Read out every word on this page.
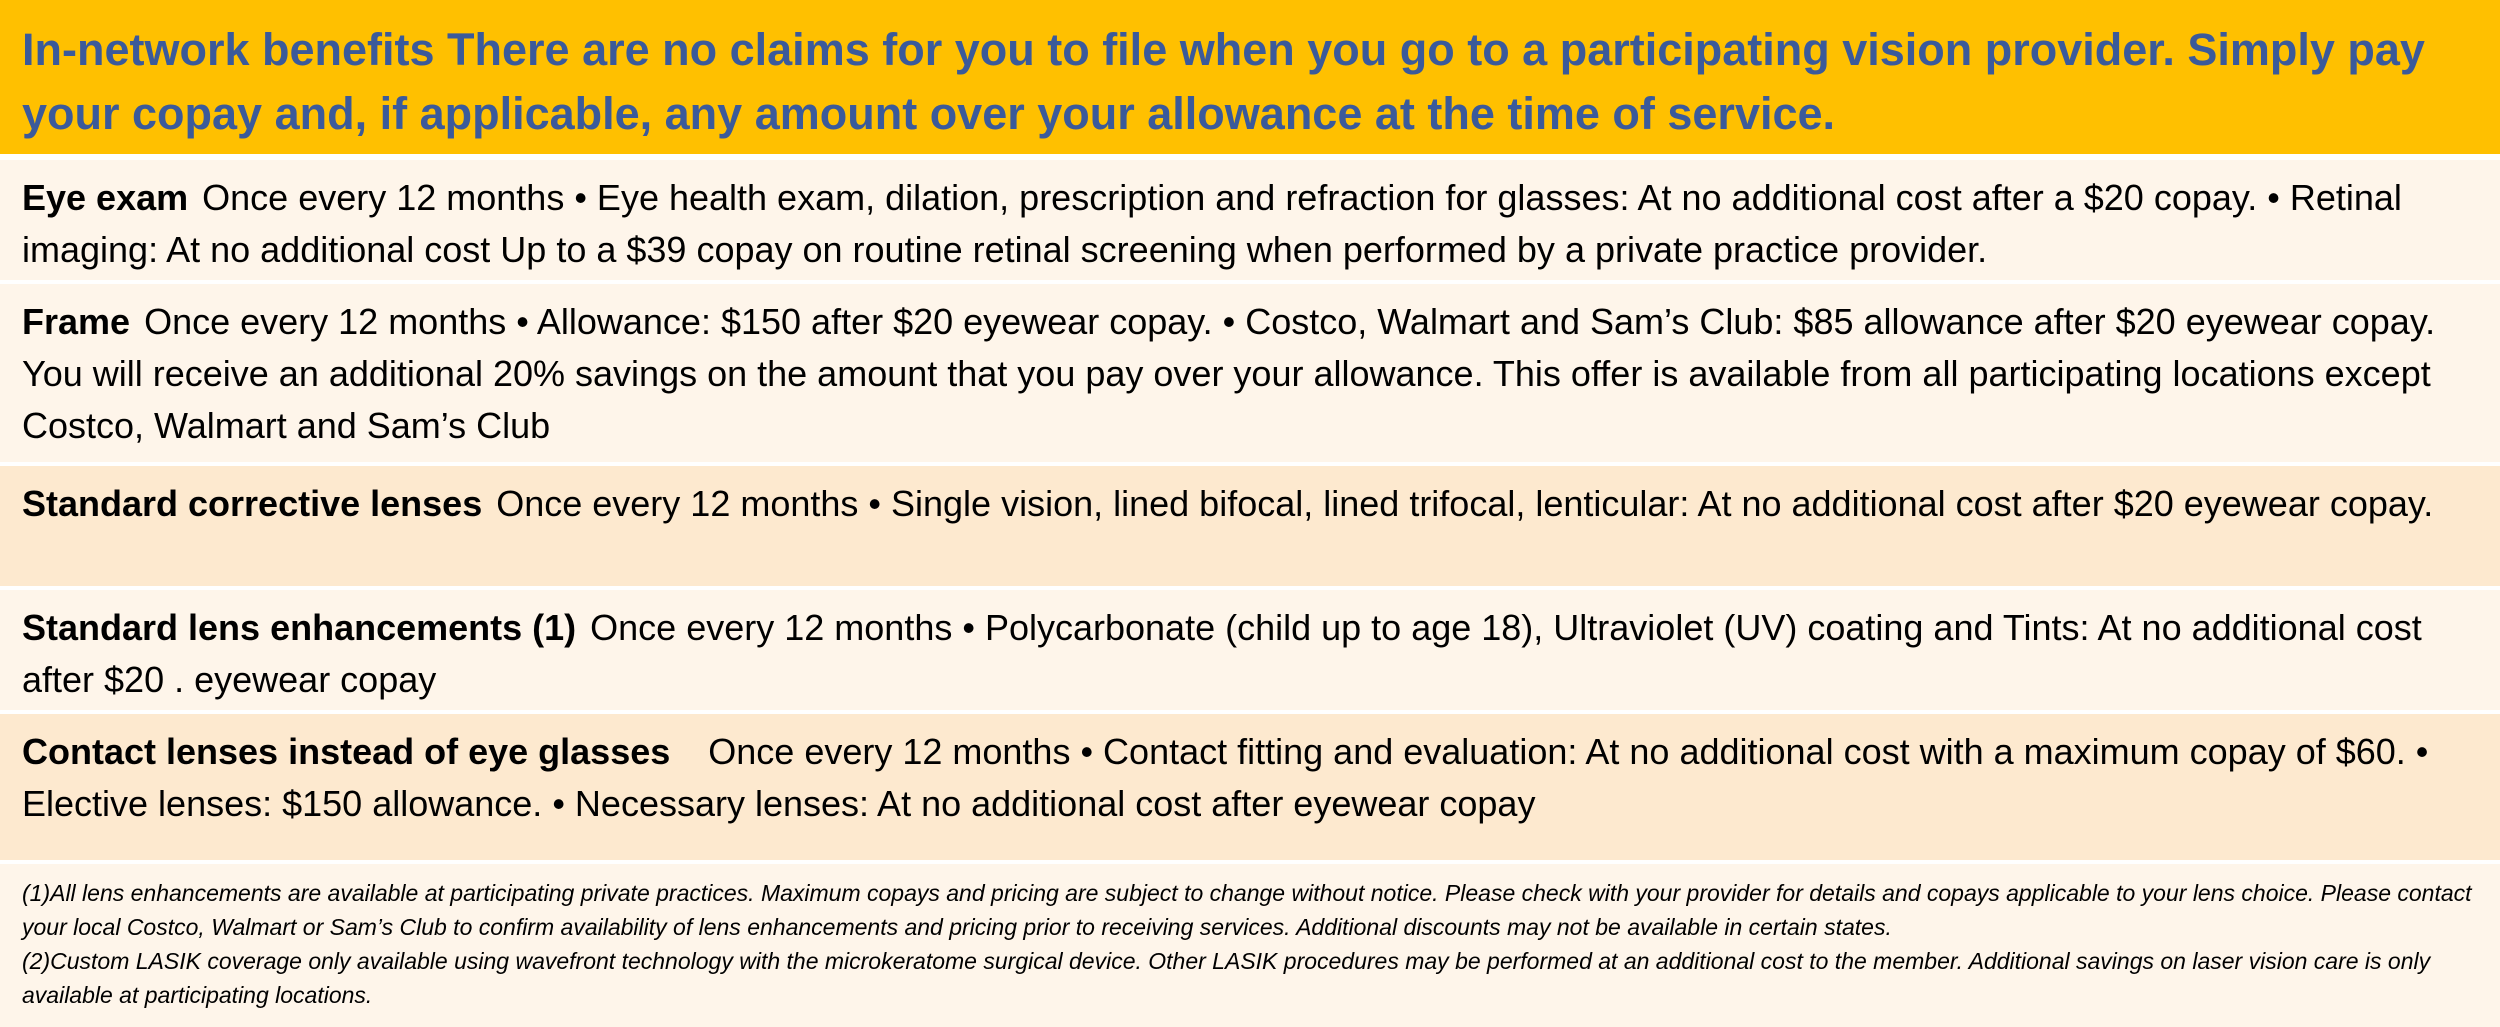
In-network benefits There are no claims for you to file when you go to a participating vision provider. Simply pay your copay and, if applicable, any amount over your allowance at the time of service.
Eye exam Once every 12 months • Eye health exam, dilation, prescription and refraction for glasses: At no additional cost after a $20 copay. • Retinal imaging: At no additional cost Up to a $39 copay on routine retinal screening when performed by a private practice provider.
Frame Once every 12 months • Allowance: $150 after $20 eyewear copay. • Costco, Walmart and Sam’s Club: $85 allowance after $20 eyewear copay. You will receive an additional 20% savings on the amount that you pay over your allowance. This offer is available from all participating locations except Costco, Walmart and Sam’s Club
Standard corrective lenses Once every 12 months • Single vision, lined bifocal, lined trifocal, lenticular: At no additional cost after $20 eyewear copay.
Standard lens enhancements (1) Once every 12 months • Polycarbonate (child up to age 18), Ultraviolet (UV) coating and Tints: At no additional cost after $20 . eyewear copay
Contact lenses instead of eye glasses Once every 12 months • Contact fitting and evaluation: At no additional cost with a maximum copay of $60. • Elective lenses: $150 allowance. • Necessary lenses: At no additional cost after eyewear copay

(1)All lens enhancements are available at participating private practices. Maximum copays and pricing are subject to change without notice. Please check with your provider for details and copays applicable to your lens choice. Please contact your local Costco, Walmart or Sam’s Club to confirm availability of lens enhancements and pricing prior to receiving services. Additional discounts may not be available in certain states.

(2)Custom LASIK coverage only available using wavefront technology with the microkeratome surgical device. Other LASIK procedures may be performed at an additional cost to the member. Additional savings on laser vision care is only available at participating locations.
